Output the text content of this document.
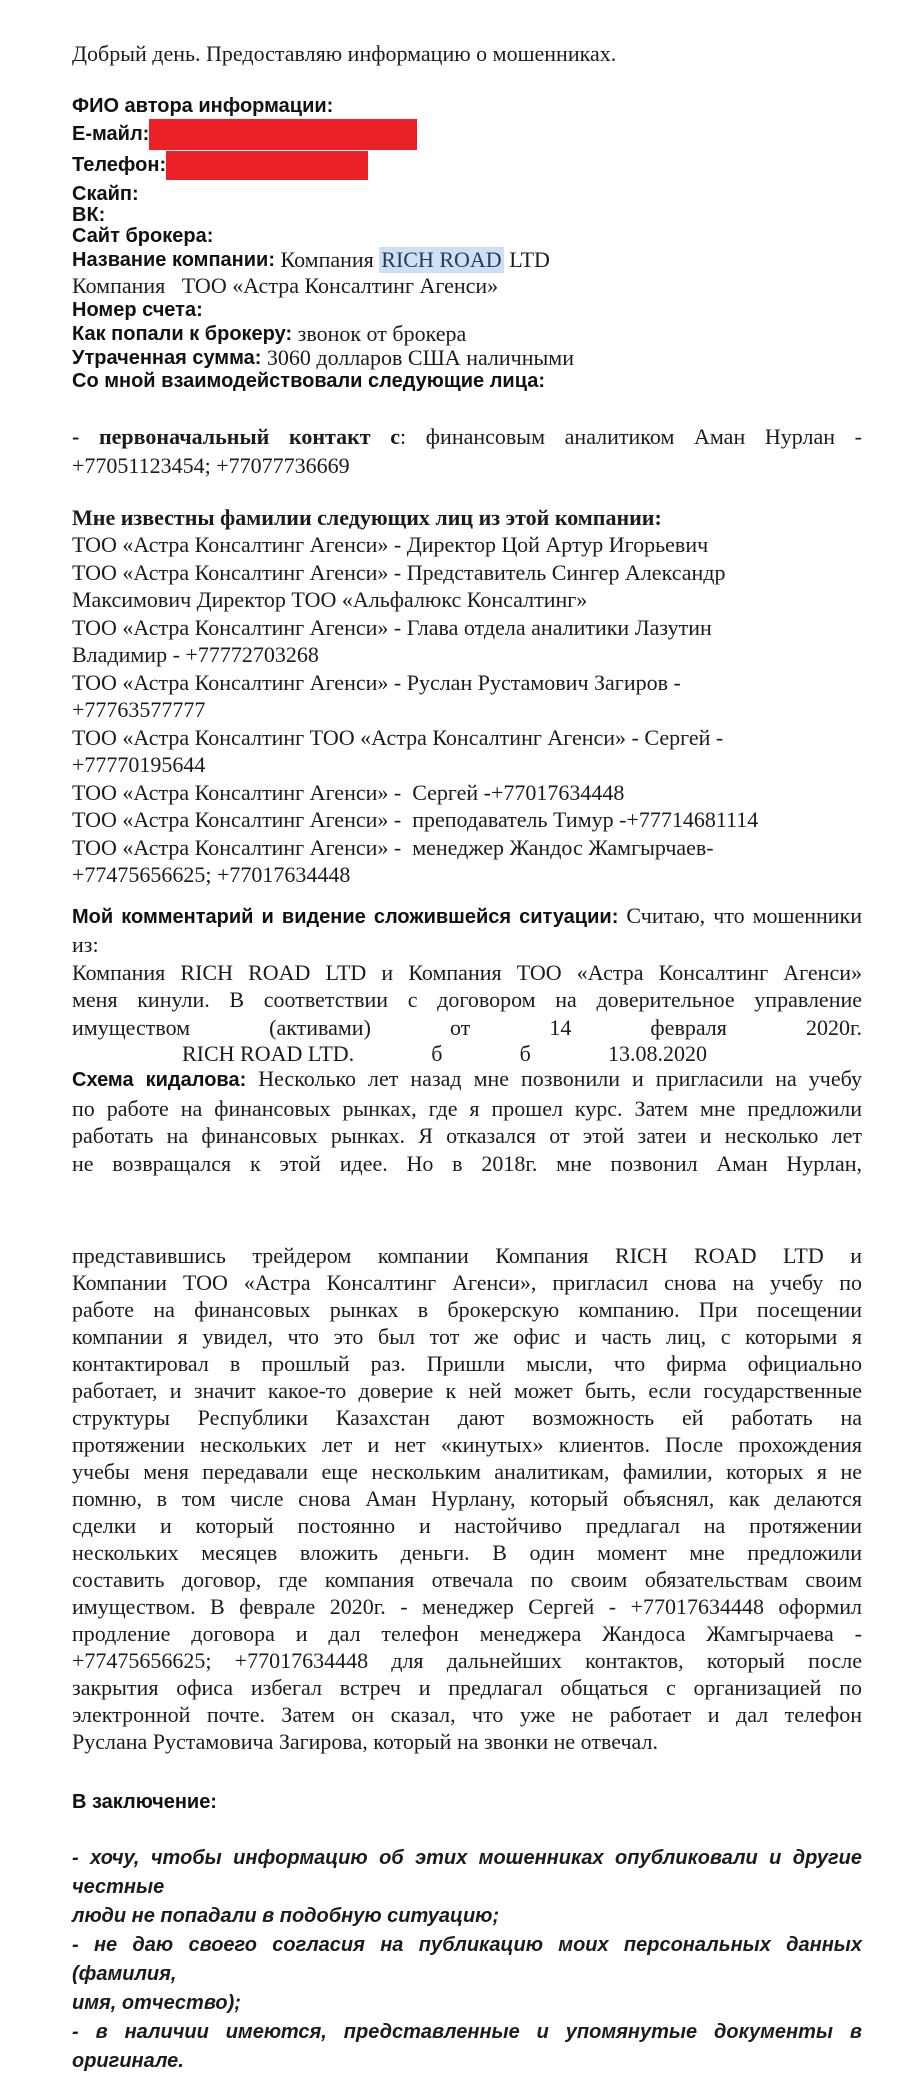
Добрый день. Предоставляю информацию о мошенниках.

ФИО автора информации:
Е-майл:
Телефон:
Скайп:
ВК:
Сайт брокера:
Название компании: Компания RICH ROAD LTD
Компания   ТОО «Астра Консалтинг Агенси»
Номер счета:
Как попали к брокеру: звонок от брокера
Утраченная сумма: 3060 долларов США наличными
Со мной взаимодействовали следующие лица:
- первоначальный контакт с: финансовым аналитиком Аман Нурлан -
+77051123454; +77077736669
Мне известны фамилии следующих лиц из этой компании:
ТОО «Астра Консалтинг Агенси» - Директор Цой Артур Игорьевич
ТОО «Астра Консалтинг Агенси» - Представитель Сингер Александр
Максимович Директор ТОО «Альфалюкс Консалтинг»
ТОО «Астра Консалтинг Агенси» - Глава отдела аналитики Лазутин
Владимир - +77772703268
ТОО «Астра Консалтинг Агенси» - Руслан Рустамович Загиров -
+77763577777
ТОО «Астра Консалтинг ТОО «Астра Консалтинг Агенси» - Сергей -
+77770195644
ТОО «Астра Консалтинг Агенси» -  Сергей -+77017634448
ТОО «Астра Консалтинг Агенси» -  преподаватель Тимур -+77714681114
ТОО «Астра Консалтинг Агенси» -  менеджер Жандос Жамгырчаев-
+77475656625; +77017634448
Мой комментарий и видение сложившейся ситуации: Считаю, что мошенники из:
Компания RICH ROAD LTD и Компания ТОО «Астра Консалтинг Агенси»
меня кинули. В соответствии с договором на доверительное управление
имуществом	(активами)	от	14	февраля	2020г.
RICH ROAD LTD.	б	б	13.08.2020
Схема кидалова: Несколько лет назад мне позвонили и пригласили на учебу
по работе на финансовых рынках, где я прошел курс. Затем мне предложили
работать на финансовых рынках. Я отказался от этой затеи и несколько лет
не возвращался к этой идее. Но в 2018г. мне позвонил Аман Нурлан,
представившись трейдером компании Компания RICH ROAD LTD и
Компании ТОО «Астра Консалтинг Агенси», пригласил снова на учебу по
работе на финансовых рынках в брокерскую компанию. При посещении
компании я увидел, что это был тот же офис и часть лиц, с которыми я
контактировал в прошлый раз. Пришли мысли, что фирма официально
работает, и значит какое-то доверие к ней может быть, если государственные
структуры Республики Казахстан дают возможность ей работать на
протяжении нескольких лет и нет «кинутых» клиентов. После прохождения
учебы меня передавали еще нескольким аналитикам, фамилии, которых я не
помню, в том числе снова Аман Нурлану, который объяснял, как делаются
сделки и который постоянно и настойчиво предлагал на протяжении
нескольких месяцев вложить деньги. В один момент мне предложили
составить договор, где компания отвечала по своим обязательствам своим
имуществом. В феврале 2020г. - менеджер Сергей - +77017634448 оформил
продление договора и дал телефон менеджера Жандоса Жамгырчаева -
+77475656625; +77017634448 для дальнейших контактов, который после
закрытия офиса избегал встреч и предлагал общаться с организацией по
электронной почте. Затем он сказал, что уже не работает и дал телефон
Руслана Рустамовича Загирова, который на звонки не отвечал.
В заключение:
- хочу, чтобы информацию об этих мошенниках опубликовали и другие честные
люди не попадали в подобную ситуацию;
- не даю своего согласия на публикацию моих персональных данных (фамилия,
имя, отчество);
- в наличии имеются, представленные и упомянутые документы в оригинале.
